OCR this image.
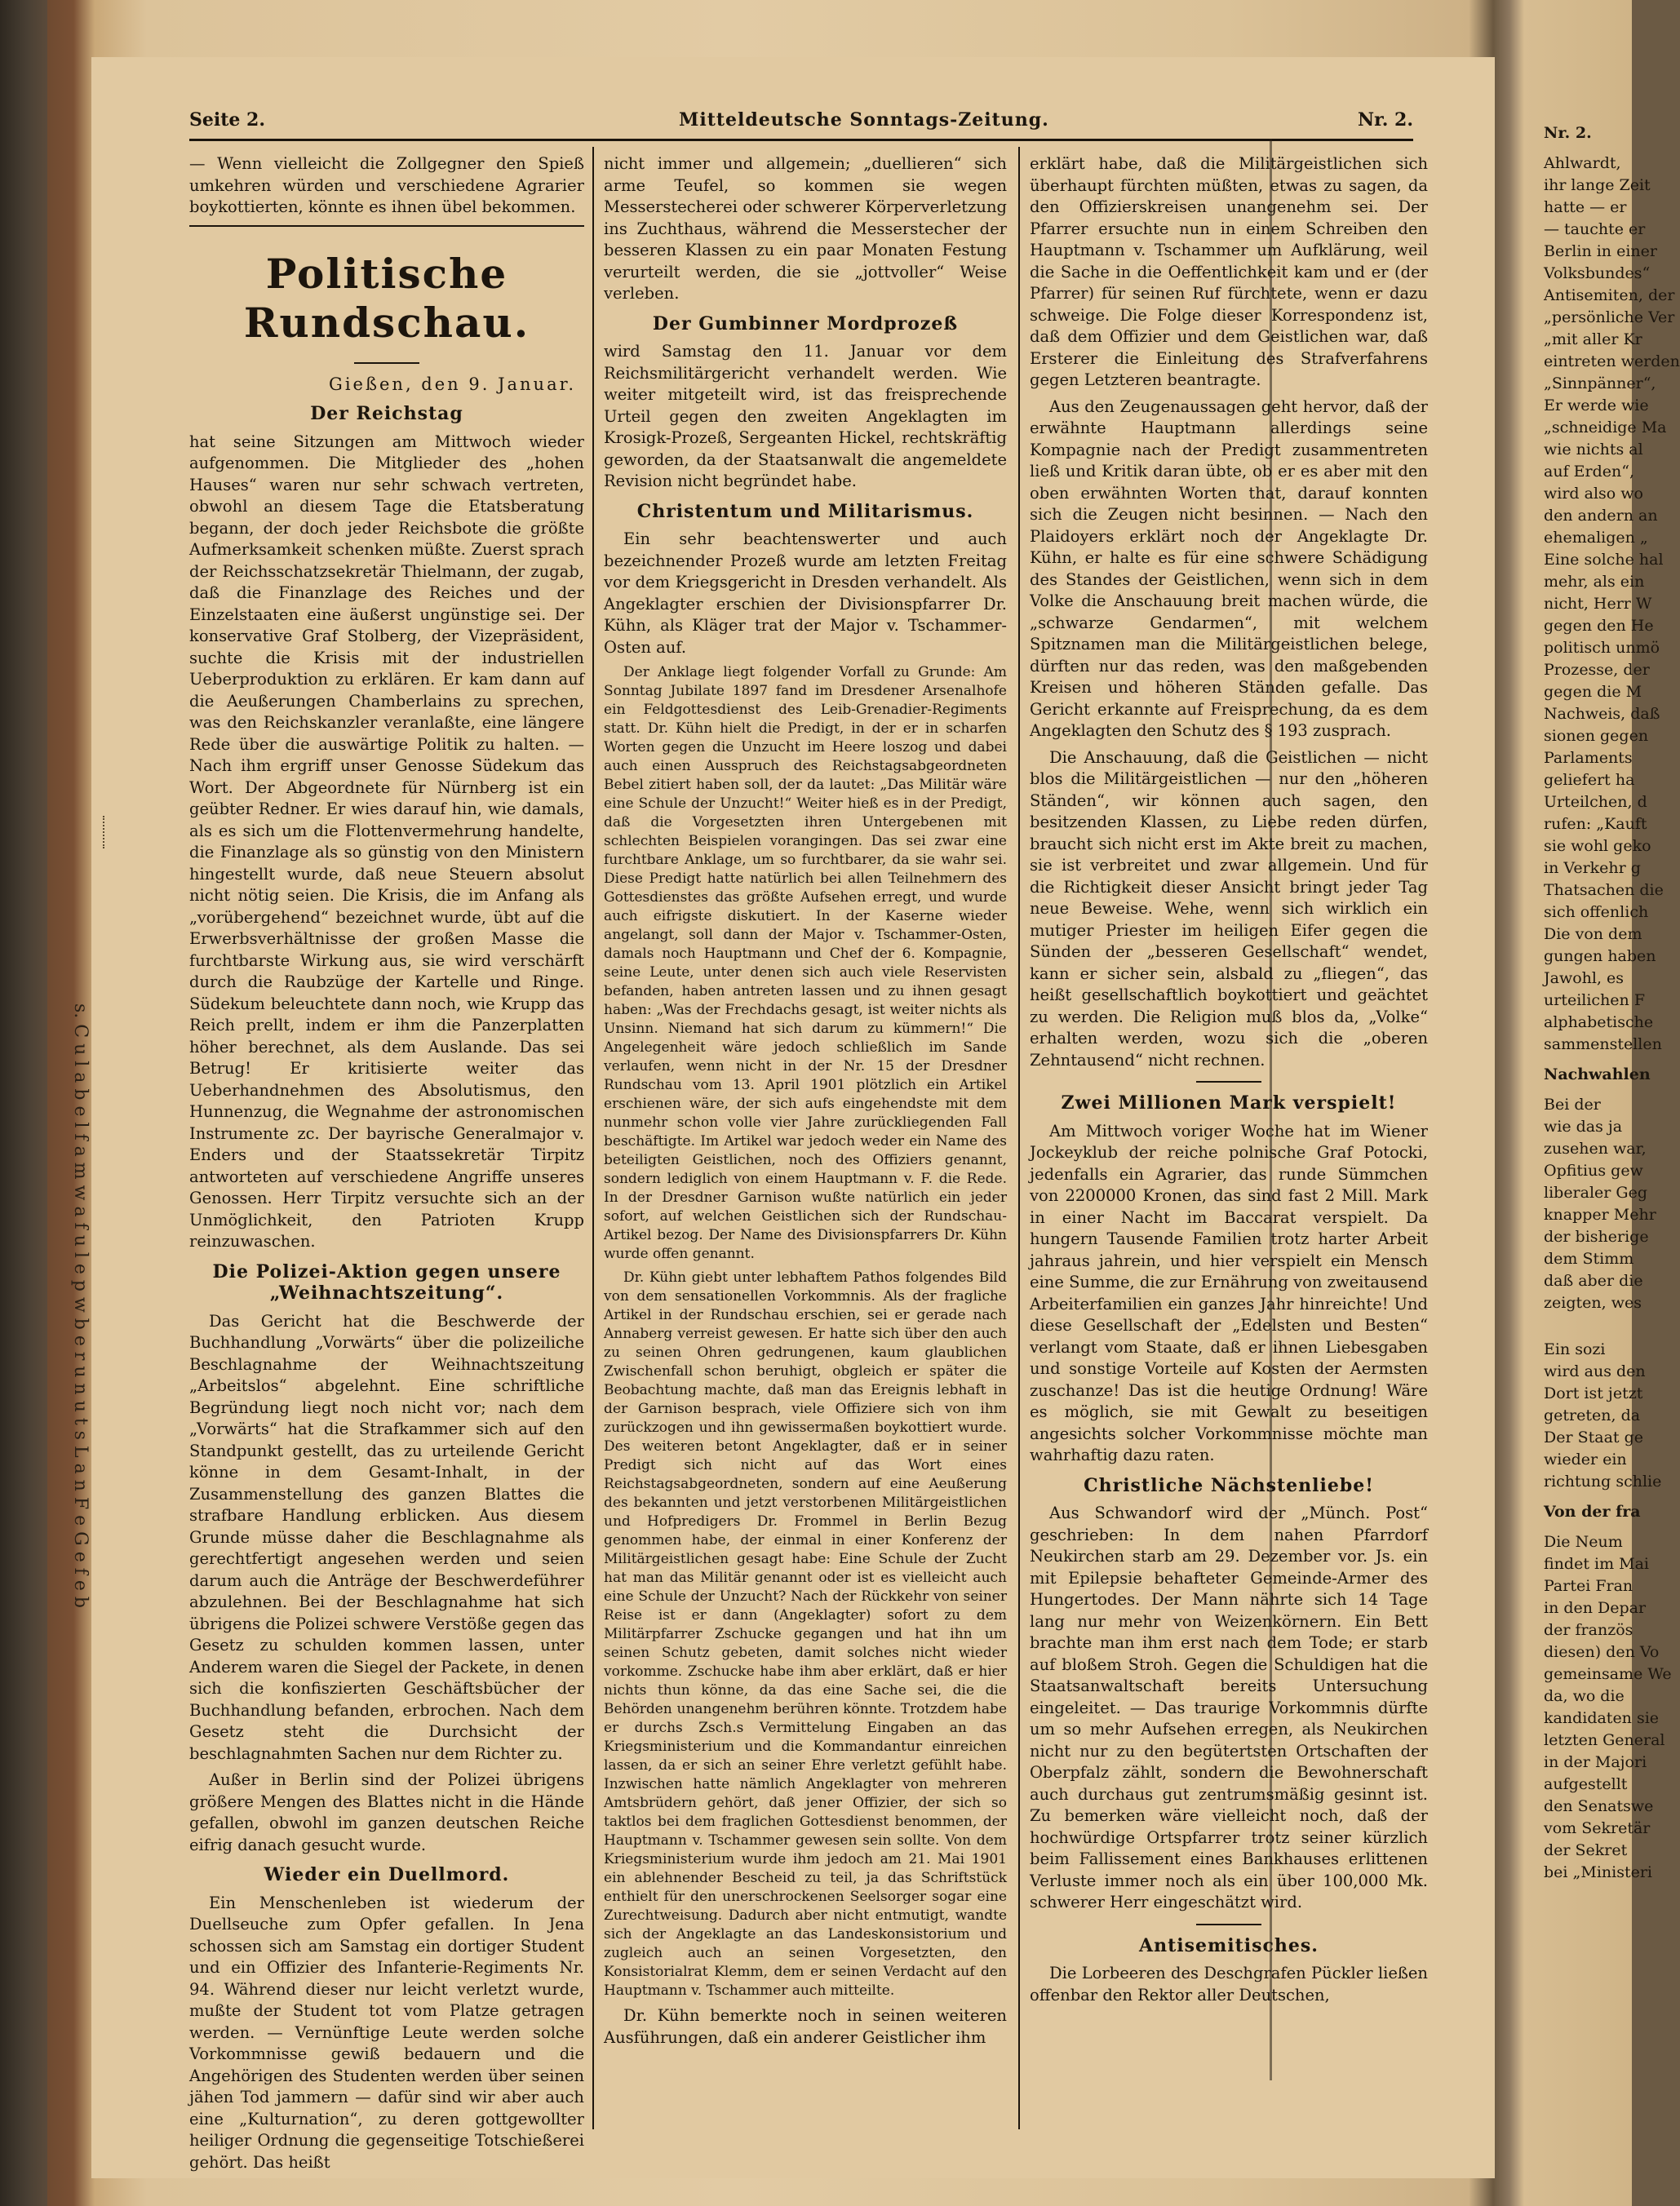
s. C u l a b e l f a m w a f u l e p w b e r u n u t s L a n F e G e f e b
Seite 2.	Mitteldeutsche Sonntags-Zeitung.	Nr. 2.

— Wenn vielleicht die Zollgegner den Spieß umkehren würden und verschiedene Agrarier boykottierten, könnte es ihnen übel bekommen.

Politische Rundschau.
Gießen, den 9. Januar.
Der Reichstag

hat seine Sitzungen am Mittwoch wieder aufgenommen. Die Mitglieder des „hohen Hauses“ waren nur sehr schwach vertreten, obwohl an diesem Tage die Etatsberatung begann, der doch jeder Reichsbote die größte Aufmerksamkeit schenken müßte. Zuerst sprach der Reichsschatzsekretär Thielmann, der zugab, daß die Finanzlage des Reiches und der Einzelstaaten eine äußerst ungünstige sei. Der konservative Graf Stolberg, der Vizepräsident, suchte die Krisis mit der industriellen Ueberproduktion zu erklären. Er kam dann auf die Aeußerungen Chamberlains zu sprechen, was den Reichskanzler veranlaßte, eine längere Rede über die auswärtige Politik zu halten. — Nach ihm ergriff unser Genosse Südekum das Wort. Der Abgeordnete für Nürnberg ist ein geübter Redner. Er wies darauf hin, wie damals, als es sich um die Flottenvermehrung handelte, die Finanzlage als so günstig von den Ministern hingestellt wurde, daß neue Steuern absolut nicht nötig seien. Die Krisis, die im Anfang als „vorübergehend“ bezeichnet wurde, übt auf die Erwerbsverhältnisse der großen Masse die furchtbarste Wirkung aus, sie wird verschärft durch die Raubzüge der Kartelle und Ringe. Südekum beleuchtete dann noch, wie Krupp das Reich prellt, indem er ihm die Panzerplatten höher berechnet, als dem Auslande. Das sei Betrug! Er kritisierte weiter das Ueberhandnehmen des Absolutismus, den Hunnenzug, die Wegnahme der astronomischen Instrumente zc. Der bayrische Generalmajor v. Enders und der Staatssekretär Tirpitz antworteten auf verschiedene Angriffe unseres Genossen. Herr Tirpitz versuchte sich an der Unmöglichkeit, den Patrioten Krupp reinzuwaschen.

Die Polizei-Aktion gegen unsere „Weihnachtszeitung“.

Das Gericht hat die Beschwerde der Buchhandlung „Vorwärts“ über die polizeiliche Beschlagnahme der Weihnachtszeitung „Arbeitslos“ abgelehnt. Eine schriftliche Begründung liegt noch nicht vor; nach dem „Vorwärts“ hat die Strafkammer sich auf den Standpunkt gestellt, das zu urteilende Gericht könne in dem Gesamt-Inhalt, in der Zusammenstellung des ganzen Blattes die strafbare Handlung erblicken. Aus diesem Grunde müsse daher die Beschlagnahme als gerechtfertigt angesehen werden und seien darum auch die Anträge der Beschwerdeführer abzulehnen. Bei der Beschlagnahme hat sich übrigens die Polizei schwere Verstöße gegen das Gesetz zu schulden kommen lassen, unter Anderem waren die Siegel der Packete, in denen sich die konfiszierten Geschäftsbücher der Buchhandlung befanden, erbrochen. Nach dem Gesetz steht die Durchsicht der beschlagnahmten Sachen nur dem Richter zu.

Außer in Berlin sind der Polizei übrigens größere Mengen des Blattes nicht in die Hände gefallen, obwohl im ganzen deutschen Reiche eifrig danach gesucht wurde.

Wieder ein Duellmord.

Ein Menschenleben ist wiederum der Duellseuche zum Opfer gefallen. In Jena schossen sich am Samstag ein dortiger Student und ein Offizier des Infanterie-Regiments Nr. 94. Während dieser nur leicht verletzt wurde, mußte der Student tot vom Platze getragen werden. — Vernünftige Leute werden solche Vorkommnisse gewiß bedauern und die Angehörigen des Studenten werden über seinen jähen Tod jammern — dafür sind wir aber auch eine „Kulturnation“, zu deren gottgewollter heiliger Ordnung die gegenseitige Totschießerei gehört. Das heißt

nicht immer und allgemein; „duellieren“ sich arme Teufel, so kommen sie wegen Messerstecherei oder schwerer Körperverletzung ins Zuchthaus, während die Messerstecher der besseren Klassen zu ein paar Monaten Festung verurteilt werden, die sie „jottvoller“ Weise verleben.

Der Gumbinner Mordprozeß

wird Samstag den 11. Januar vor dem Reichsmilitärgericht verhandelt werden. Wie weiter mitgeteilt wird, ist das freisprechende Urteil gegen den zweiten Angeklagten im Krosigk-Prozeß, Sergeanten Hickel, rechtskräftig geworden, da der Staatsanwalt die angemeldete Revision nicht begründet habe.

Christentum und Militarismus.

Ein sehr beachtenswerter und auch bezeichnender Prozeß wurde am letzten Freitag vor dem Kriegsgericht in Dresden verhandelt. Als Angeklagter erschien der Divisionspfarrer Dr. Kühn, als Kläger trat der Major v. Tschammer-Osten auf.

Der Anklage liegt folgender Vorfall zu Grunde: Am Sonntag Jubilate 1897 fand im Dresdener Arsenalhofe ein Feldgottesdienst des Leib-Grenadier-Regiments statt. Dr. Kühn hielt die Predigt, in der er in scharfen Worten gegen die Unzucht im Heere loszog und dabei auch einen Ausspruch des Reichstagsabgeordneten Bebel zitiert haben soll, der da lautet: „Das Militär wäre eine Schule der Unzucht!“ Weiter hieß es in der Predigt, daß die Vorgesetzten ihren Untergebenen mit schlechten Beispielen vorangingen. Das sei zwar eine furchtbare Anklage, um so furchtbarer, da sie wahr sei. Diese Predigt hatte natürlich bei allen Teilnehmern des Gottesdienstes das größte Aufsehen erregt, und wurde auch eifrigste diskutiert. In der Kaserne wieder angelangt, soll dann der Major v. Tschammer-Osten, damals noch Hauptmann und Chef der 6. Kompagnie, seine Leute, unter denen sich auch viele Reservisten befanden, haben antreten lassen und zu ihnen gesagt haben: „Was der Frechdachs gesagt, ist weiter nichts als Unsinn. Niemand hat sich darum zu kümmern!“ Die Angelegenheit wäre jedoch schließlich im Sande verlaufen, wenn nicht in der Nr. 15 der Dresdner Rundschau vom 13. April 1901 plötzlich ein Artikel erschienen wäre, der sich aufs eingehendste mit dem nunmehr schon volle vier Jahre zurückliegenden Fall beschäftigte. Im Artikel war jedoch weder ein Name des beteiligten Geistlichen, noch des Offiziers genannt, sondern lediglich von einem Hauptmann v. F. die Rede. In der Dresdner Garnison wußte natürlich ein jeder sofort, auf welchen Geistlichen sich der Rundschau-Artikel bezog. Der Name des Divisionspfarrers Dr. Kühn wurde offen genannt.

Dr. Kühn giebt unter lebhaftem Pathos folgendes Bild von dem sensationellen Vorkommnis. Als der fragliche Artikel in der Rundschau erschien, sei er gerade nach Annaberg verreist gewesen. Er hatte sich über den auch zu seinen Ohren gedrungenen, kaum glaublichen Zwischenfall schon beruhigt, obgleich er später die Beobachtung machte, daß man das Ereignis lebhaft in der Garnison besprach, viele Offiziere sich von ihm zurückzogen und ihn gewissermaßen boykottiert wurde. Des weiteren betont Angeklagter, daß er in seiner Predigt sich nicht auf das Wort eines Reichstagsabgeordneten, sondern auf eine Aeußerung des bekannten und jetzt verstorbenen Militärgeistlichen und Hofpredigers Dr. Frommel in Berlin Bezug genommen habe, der einmal in einer Konferenz der Militärgeistlichen gesagt habe: Eine Schule der Zucht hat man das Militär genannt oder ist es vielleicht auch eine Schule der Unzucht? Nach der Rückkehr von seiner Reise ist er dann (Angeklagter) sofort zu dem Militärpfarrer Zschucke gegangen und hat ihn um seinen Schutz gebeten, damit solches nicht wieder vorkomme. Zschucke habe ihm aber erklärt, daß er hier nichts thun könne, da das eine Sache sei, die die Behörden unangenehm berühren könnte. Trotzdem habe er durchs Zsch.s Vermittelung Eingaben an das Kriegsministerium und die Kommandantur einreichen lassen, da er sich an seiner Ehre verletzt gefühlt habe. Inzwischen hatte nämlich Angeklagter von mehreren Amtsbrüdern gehört, daß jener Offizier, der sich so taktlos bei dem fraglichen Gottesdienst benommen, der Hauptmann v. Tschammer gewesen sein sollte. Von dem Kriegsministerium wurde ihm jedoch am 21. Mai 1901 ein ablehnender Bescheid zu teil, ja das Schriftstück enthielt für den unerschrockenen Seelsorger sogar eine Zurechtweisung. Dadurch aber nicht entmutigt, wandte sich der Angeklagte an das Landeskonsistorium und zugleich auch an seinen Vorgesetzten, den Konsistorialrat Klemm, dem er seinen Verdacht auf den Hauptmann v. Tschammer auch mitteilte.

Dr. Kühn bemerkte noch in seinen weiteren Ausführungen, daß ein anderer Geistlicher ihm

erklärt habe, daß die Militärgeistlichen sich überhaupt fürchten müßten, etwas zu sagen, da den Offizierskreisen unangenehm sei. Der Pfarrer ersuchte nun in einem Schreiben den Hauptmann v. Tschammer um Aufklärung, weil die Sache in die Oeffentlichkeit kam und er (der Pfarrer) für seinen Ruf fürchtete, wenn er dazu schweige. Die Folge dieser Korrespondenz ist, daß dem Offizier und dem Geistlichen war, daß Ersterer die Einleitung des Strafverfahrens gegen Letzteren beantragte.

Aus den Zeugenaussagen geht hervor, daß der erwähnte Hauptmann allerdings seine Kompagnie nach der Predigt zusammentreten ließ und Kritik daran übte, ob er es aber mit den oben erwähnten Worten that, darauf konnten sich die Zeugen nicht besinnen. — Nach den Plaidoyers erklärt noch der Angeklagte Dr. Kühn, er halte es für eine schwere Schädigung des Standes der Geistlichen, wenn sich in dem Volke die Anschauung breit machen würde, die „schwarze Gendarmen“, mit welchem Spitznamen man die Militärgeistlichen belege, dürften nur das reden, was den maßgebenden Kreisen und höheren Ständen gefalle. Das Gericht erkannte auf Freisprechung, da es dem Angeklagten den Schutz des § 193 zusprach.

Die Anschauung, daß die Geistlichen — nicht blos die Militärgeistlichen — nur den „höheren Ständen“, wir können auch sagen, den besitzenden Klassen, zu Liebe reden dürfen, braucht sich nicht erst im Akte breit zu machen, sie ist verbreitet und zwar allgemein. Und für die Richtigkeit dieser Ansicht bringt jeder Tag neue Beweise. Wehe, wenn sich wirklich ein mutiger Priester im heiligen Eifer gegen die Sünden der „besseren Gesellschaft“ wendet, kann er sicher sein, alsbald zu „fliegen“, das heißt gesellschaftlich boykottiert und geächtet zu werden. Die Religion muß blos da, „Volke“ erhalten werden, wozu sich die „oberen Zehntausend“ nicht rechnen.

Zwei Millionen Mark verspielt!

Am Mittwoch voriger Woche hat im Wiener Jockeyklub der reiche polnische Graf Potocki, jedenfalls ein Agrarier, das runde Sümmchen von 2200000 Kronen, das sind fast 2 Mill. Mark in einer Nacht im Baccarat verspielt. Da hungern Tausende Familien trotz harter Arbeit jahraus jahrein, und hier verspielt ein Mensch eine Summe, die zur Ernährung von zweitausend Arbeiterfamilien ein ganzes Jahr hinreichte! Und diese Gesellschaft der „Edelsten und Besten“ verlangt vom Staate, daß er ihnen Liebesgaben und sonstige Vorteile auf Kosten der Aermsten zuschanze! Das ist die heutige Ordnung! Wäre es möglich, sie mit Gewalt zu beseitigen angesichts solcher Vorkommnisse möchte man wahrhaftig dazu raten.

Christliche Nächstenliebe!

Aus Schwandorf wird der „Münch. Post“ geschrieben: In dem nahen Pfarrdorf Neukirchen starb am 29. Dezember vor. Js. ein mit Epilepsie behafteter Gemeinde-Armer des Hungertodes. Der Mann nährte sich 14 Tage lang nur mehr von Weizenkörnern. Ein Bett brachte man ihm erst nach dem Tode; er starb auf bloßem Stroh. Gegen die Schuldigen hat die Staatsanwaltschaft bereits Untersuchung eingeleitet. — Das traurige Vorkommnis dürfte um so mehr Aufsehen erregen, als Neukirchen nicht nur zu den begütertsten Ortschaften der Oberpfalz zählt, sondern die Bewohnerschaft auch durchaus gut zentrumsmäßig gesinnt ist. Zu bemerken wäre vielleicht noch, daß der hochwürdige Ortspfarrer trotz seiner kürzlich beim Fallissement eines Bankhauses erlittenen Verluste immer noch als ein über 100,000 Mk. schwerer Herr eingeschätzt wird.

Antisemitisches.

Die Lorbeeren des Deschgrafen Pückler ließen offenbar den Rektor aller Deutschen,

Nr. 2.
Ahlwardt,
ihr lange Zeit
hatte — er
— tauchte er
Berlin in einer
Volksbundes“
Antisemiten, der
„persönliche Ver
„mit aller Kr
eintreten werden
„Sinnpänner“,
Er werde wie
„schneidige Ma
wie nichts al
auf Erden“,
wird also wo
den andern an
ehemaligen „
Eine solche hal
mehr, als ein
nicht, Herr W
gegen den He
politisch unmö
Prozesse, der
gegen die M
Nachweis, daß
sionen gegen
Parlaments
geliefert ha
Urteilchen, d
rufen: „Kauft
sie wohl geko
in Verkehr g
Thatsachen die
sich offenlich
Die von dem
gungen haben
Jawohl, es
urteilichen F
alphabetische
sammenstellen
Nachwahlen
Bei der
wie das ja
zusehen war,
Opfitius gew
liberaler Geg
knapper Mehr
der bisherige
dem Stimm
daß aber die
zeigten, wes
Ein sozi
wird aus den
Dort ist jetzt
getreten, da
Der Staat ge
wieder ein
richtung schlie
Von der fra
Die Neum
findet im Mai
Partei Fran
in den Depar
der französ
diesen) den Vo
gemeinsame We
da, wo die
kandidaten sie
letzten General
in der Majori
aufgestellt
den Senatswe
vom Sekretär
der Sekret
bei „Ministeri
